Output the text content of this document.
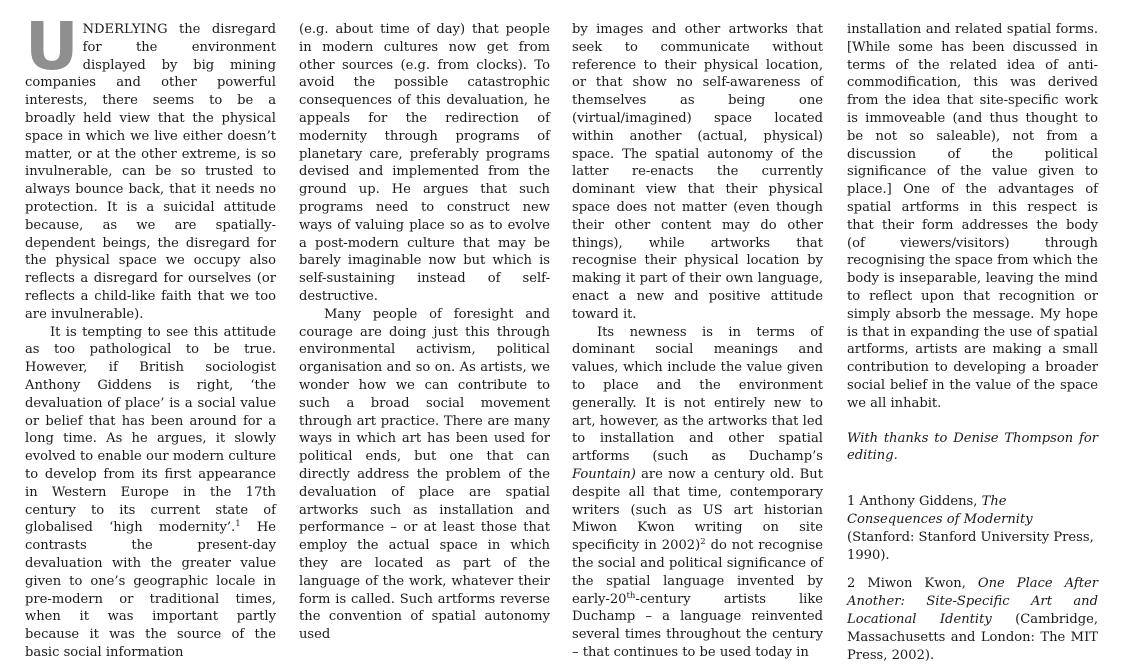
UNDERLYING the disregard for the environment displayed by big mining companies and other powerful interests, there seems to be a broadly held view that the physical space in which we live either doesn’t matter, or at the other extreme, is so invulnerable, can be so trusted to always bounce back, that it needs no protection. It is a suicidal attitude because, as we are spatially-dependent beings, the disregard for the physical space we occupy also reflects a disregard for ourselves (or reflects a child-like faith that we too are invulnerable).

It is tempting to see this attitude as too pathological to be true. However, if British sociologist Anthony Giddens is right, ‘the devaluation of place’ is a social value or belief that has been around for a long time. As he argues, it slowly evolved to enable our modern culture to develop from its first appearance in Western Europe in the 17th century to its current state of globalised ‘high modernity’.$^1$ He contrasts the present-day devaluation with the greater value given to one’s geographic locale in pre-modern or traditional times, when it was important partly because it was the source of the basic social information

(e.g. about time of day) that people in modern cultures now get from other sources (e.g. from clocks). To avoid the possible catastrophic consequences of this devaluation, he appeals for the redirection of modernity through programs of planetary care, preferably programs devised and implemented from the ground up. He argues that such programs need to construct new ways of valuing place so as to evolve a post-modern culture that may be barely imaginable now but which is self-sustaining instead of self-destructive.

Many people of foresight and courage are doing just this through environmental activism, political organisation and so on. As artists, we wonder how we can contribute to such a broad social movement through art practice. There are many ways in which art has been used for political ends, but one that can directly address the problem of the devaluation of place are spatial artworks such as installation and performance – or at least those that employ the actual space in which they are located as part of the language of the work, whatever their form is called. Such artforms reverse the convention of spatial autonomy used

by images and other artworks that seek to communicate without reference to their physical location, or that show no self-awareness of themselves as being one (virtual/imagined) space located within another (actual, physical) space. The spatial autonomy of the latter re-enacts the currently dominant view that their physical space does not matter (even though their other content may do other things), while artworks that recognise their physical location by making it part of their own language, enact a new and positive attitude toward it.

Its newness is in terms of dominant social meanings and values, which include the value given to place and the environment generally. It is not entirely new to art, however, as the artworks that led to installation and other spatial artforms (such as Duchamp’s Fountain) are now a century old. But despite all that time, contemporary writers (such as US art historian Miwon Kwon writing on site specificity in 2002)$^2$ do not recognise the social and political significance of the spatial language invented by early-20th-century artists like Duchamp – a language reinvented several times throughout the century – that continues to be used today in

installation and related spatial forms. [While some has been discussed in terms of the related idea of anti-commodification, this was derived from the idea that site-specific work is immoveable (and thus thought to be not so saleable), not from a discussion of the political significance of the value given to place.] One of the advantages of spatial artforms in this respect is that their form addresses the body (of viewers/visitors) through recognising the space from which the body is inseparable, leaving the mind to reflect upon that recognition or simply absorb the message. My hope is that in expanding the use of spatial artforms, artists are making a small contribution to developing a broader social belief in the value of the space we all inhabit.

With thanks to Denise Thompson for editing.

1 Anthony Giddens, The Consequences of Modernity (Stanford: Stanford University Press, 1990).

2 Miwon Kwon, One Place After Another: Site-Specific Art and Locational Identity (Cambridge, Massachusetts and London: The MIT Press, 2002).
